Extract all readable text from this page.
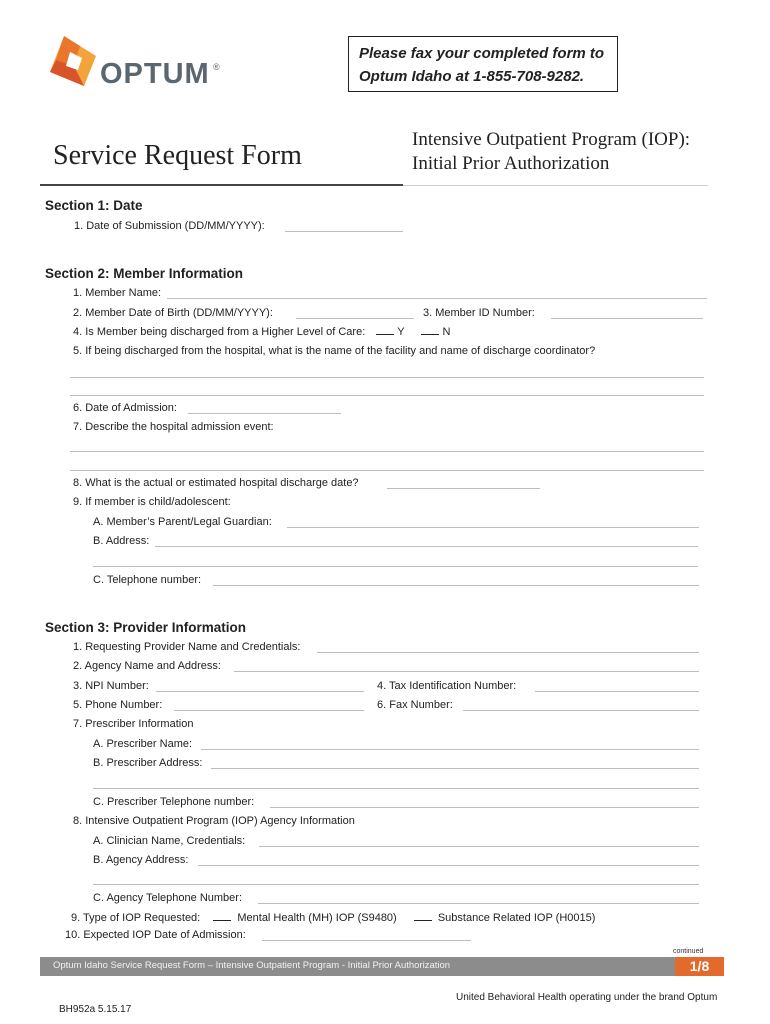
OPTUM ®
Please fax your completed form to
Optum Idaho at 1-855-708-9282.
Service Request Form
Intensive Outpatient Program (IOP):
Initial Prior Authorization
Section 1: Date
1. Date of Submission (DD/MM/YYYY):
Section 2: Member Information
1. Member Name:
2. Member Date of Birth (DD/MM/YYYY):	3. Member ID Number:
4. Is Member being discharged from a Higher Level of Care:	Y	N
5. If being discharged from the hospital, what is the name of the facility and name of discharge coordinator?
6. Date of Admission:
7. Describe the hospital admission event:
8. What is the actual or estimated hospital discharge date?
9. If member is child/adolescent:
A. Member’s Parent/Legal Guardian:
B. Address:
C. Telephone number:
Section 3: Provider Information
1. Requesting Provider Name and Credentials:
2. Agency Name and Address:
3. NPI Number:	4. Tax Identification Number:
5. Phone Number:	6. Fax Number:
7. Prescriber Information
A. Prescriber Name:
B. Prescriber Address:
C. Prescriber Telephone number:
8. Intensive Outpatient Program (IOP) Agency Information
A. Clinician Name, Credentials:
B. Agency Address:
C. Agency Telephone Number:
9. Type of IOP Requested:	Mental Health (MH) IOP (S9480)	Substance Related IOP (H0015)
10. Expected IOP Date of Admission:
continued
Optum Idaho Service Request Form – Intensive Outpatient Program - Initial Prior Authorization	1/8
United Behavioral Health operating under the brand Optum
BH952a 5.15.17
